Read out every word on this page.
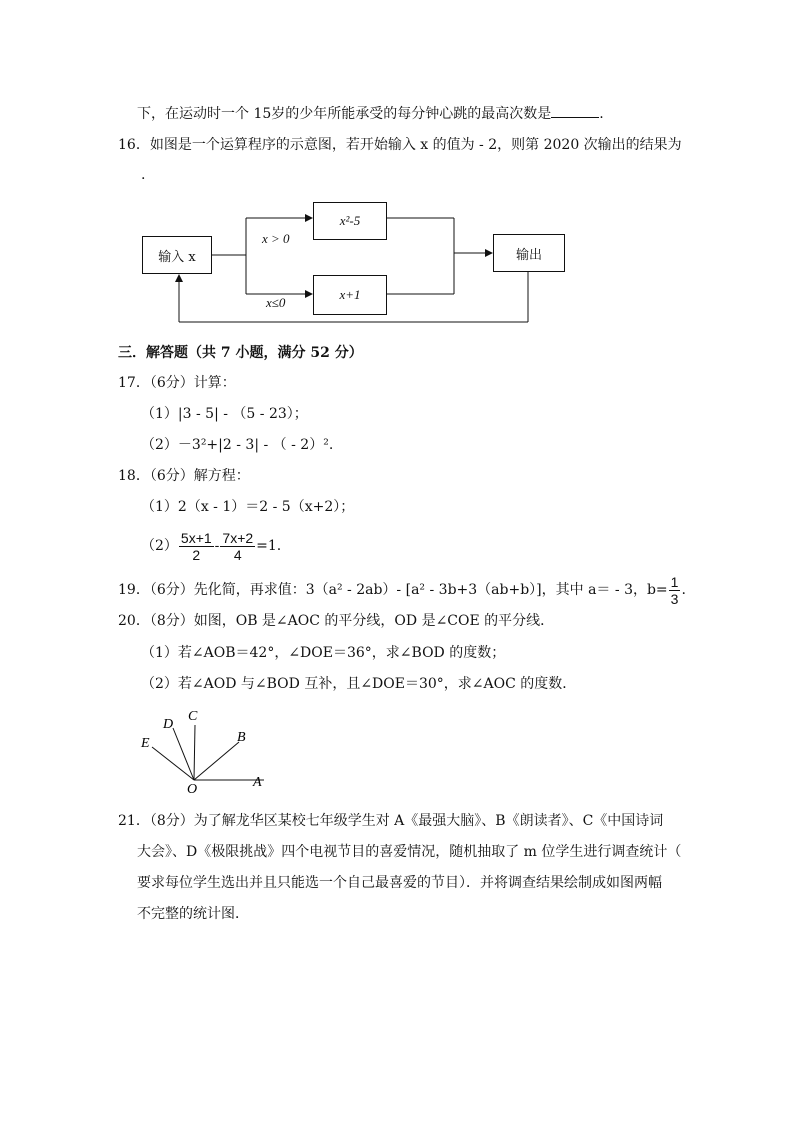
下，在运动时一个 15岁的少年所能承受的每分钟心跳的最高次数是	.
16．如图是一个运算程序的示意图，若开始输入 x 的值为 - 2，则第 2020 次输出的结果为
.
输入 x
x²-5
x+1
输出
x > 0
x≤0
三．解答题（共 7 小题，满分 52 分）
17．（6分）计算：
（1）|3 - 5| - （5 - 23）；
（2）－3²+|2 - 3| - （ - 2）².
18．（6分）解方程：
（1）2（x - 1）＝2 - 5（x+2）；
$(2) \frac{5x+1}{2} - \frac{7x+2}{4} =1$.
19．（6分）先化简，再求值：3（a² - 2ab）- [a² - 3b+3（ab+b）]，其中 a＝ - 3，$b= \frac{1}{3}$ .
20．（8分）如图，OB 是∠AOC 的平分线，OD 是∠COE 的平分线．
（1）若∠AOB＝42°，∠DOE＝36°，求∠BOD 的度数；
（2）若∠AOD 与∠BOD 互补，且∠DOE＝30°，求∠AOC 的度数．
D
C
E	B
O	A
21．（8分）为了解龙华区某校七年级学生对 A《最强大脑》、B《朗读者》、C《中国诗词
大会》、D《极限挑战》四个电视节目的喜爱情况，随机抽取了 m 位学生进行调查统计（
要求每位学生选出并且只能选一个自己最喜爱的节目）．并将调查结果绘制成如图两幅
不完整的统计图．
